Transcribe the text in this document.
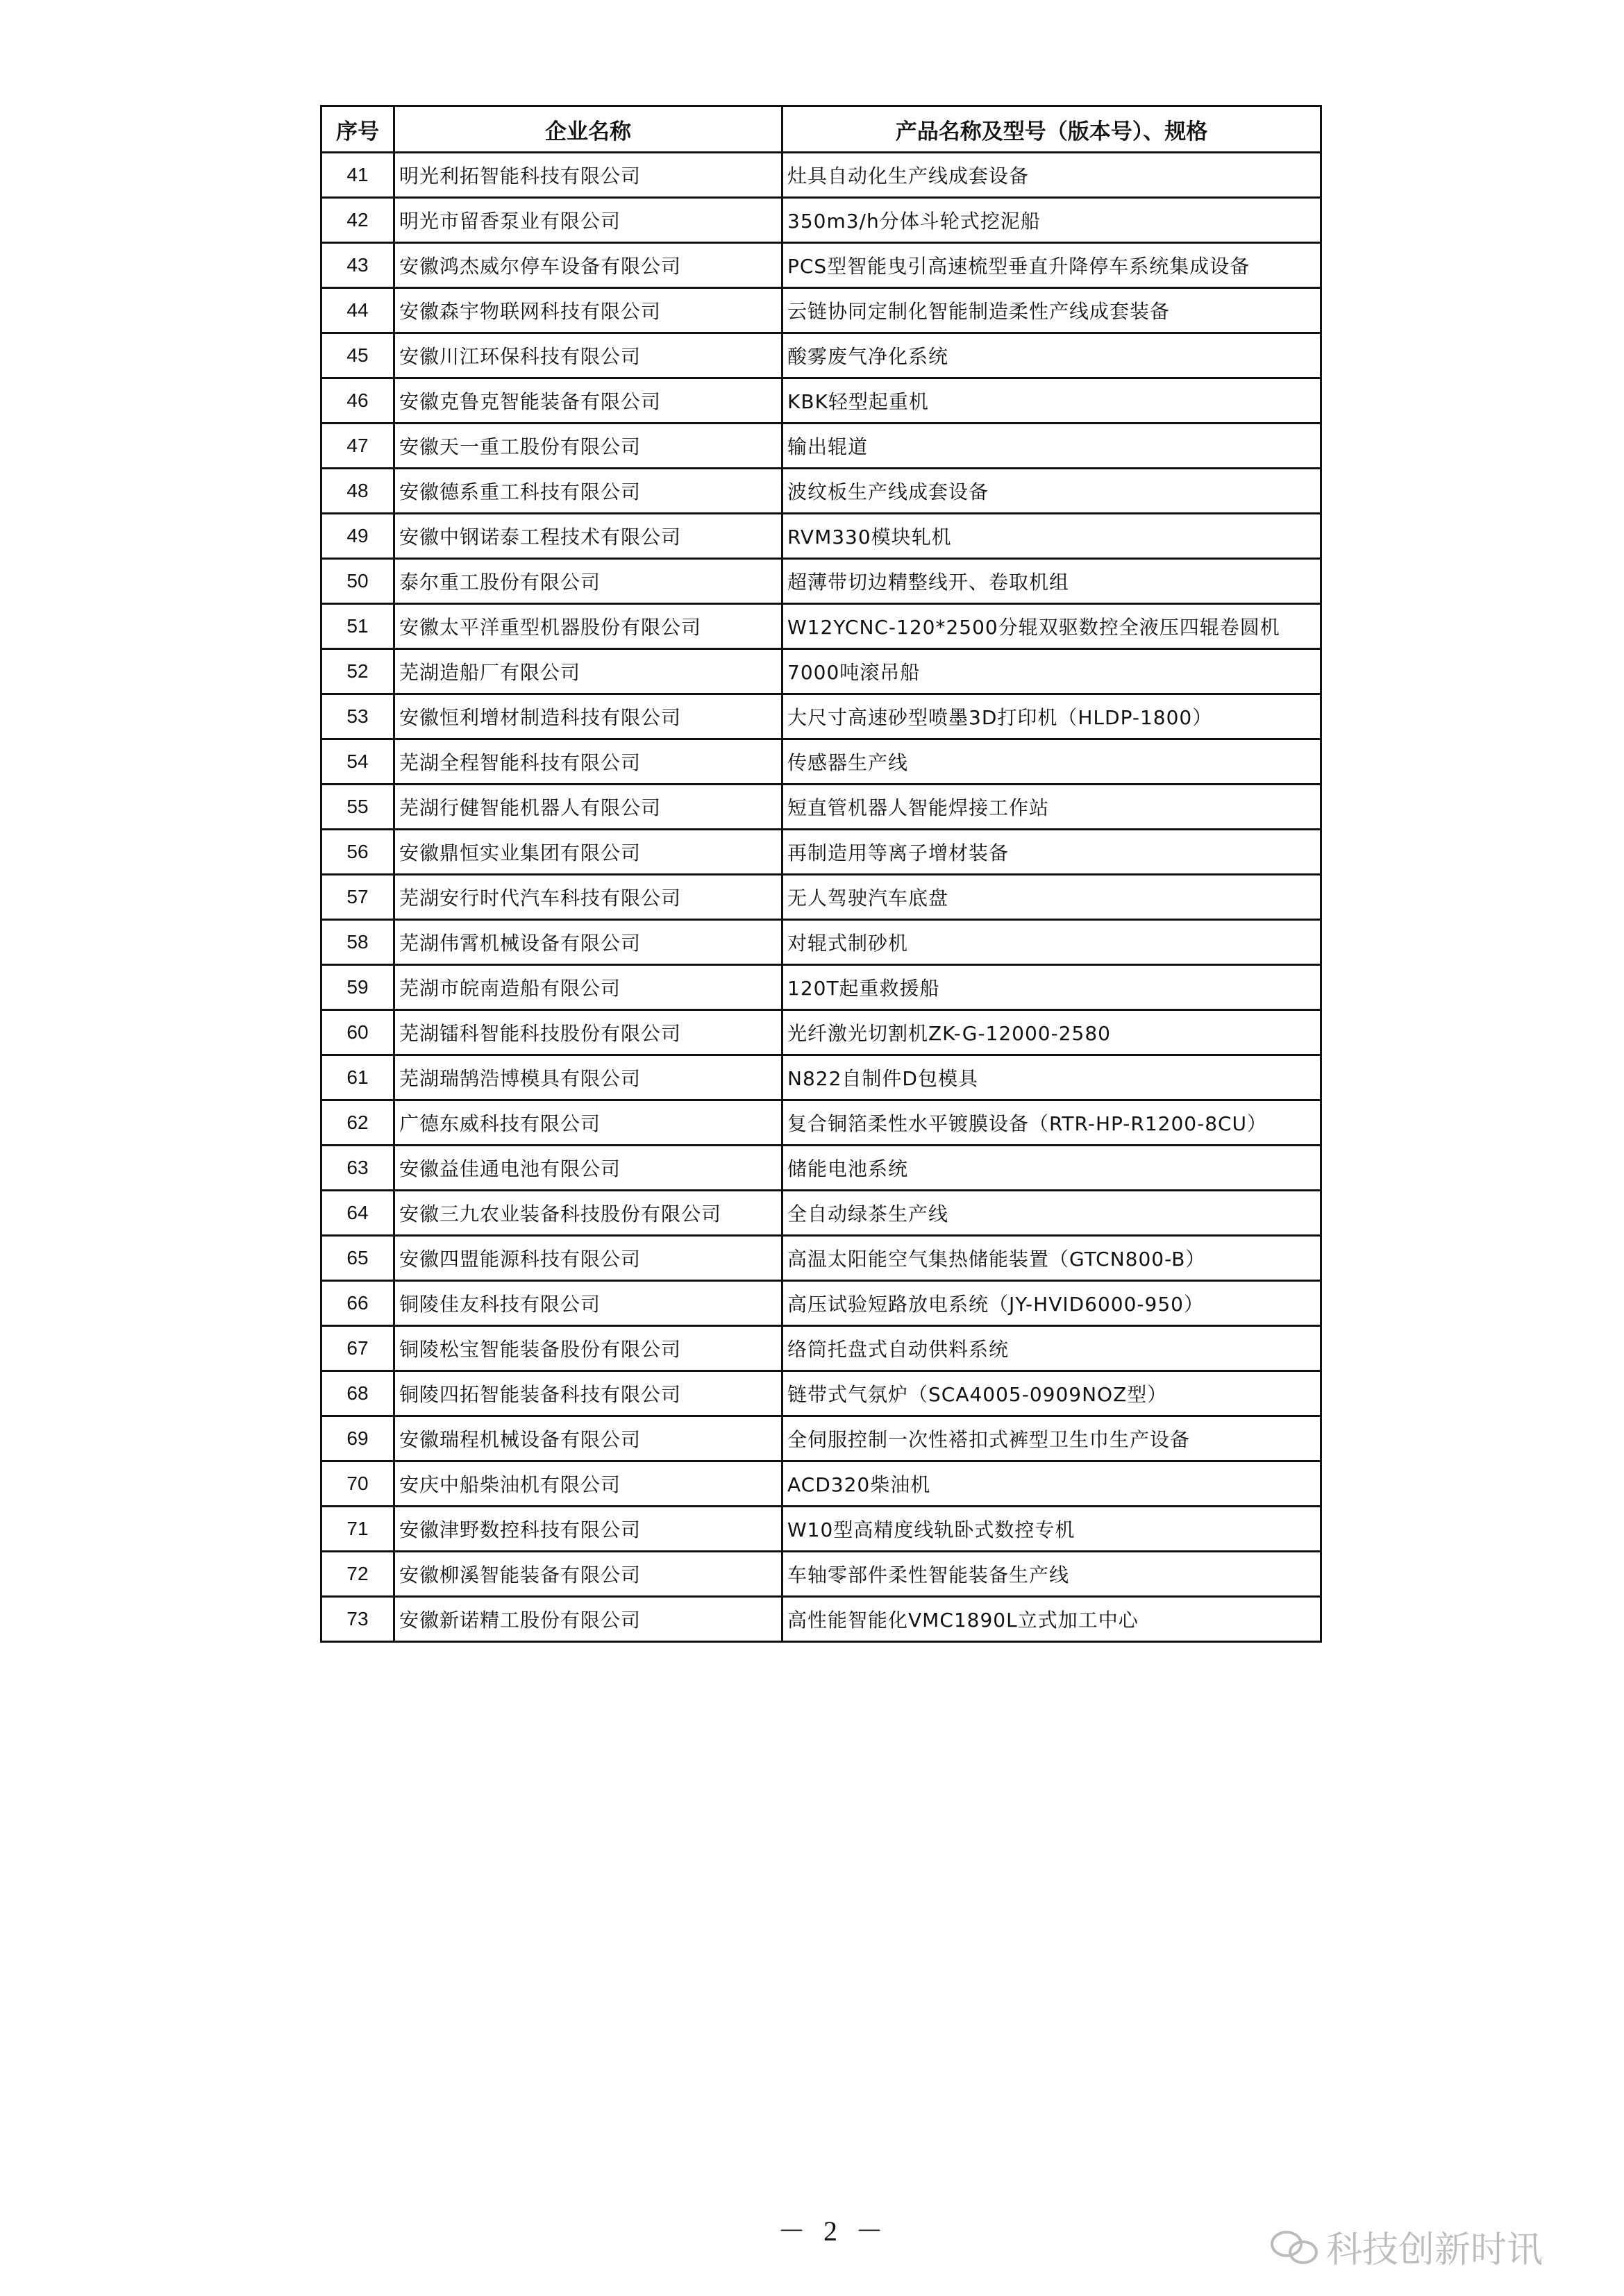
序号	企业名称	产品名称及型号（版本号）、规格
41	明光利拓智能科技有限公司	灶具自动化生产线成套设备
42	明光市留香泵业有限公司	350m3/h分体斗轮式挖泥船
43	安徽鸿杰威尔停车设备有限公司	PCS型智能曳引高速梳型垂直升降停车系统集成设备
44	安徽森宇物联网科技有限公司	云链协同定制化智能制造柔性产线成套装备
45	安徽川江环保科技有限公司	酸雾废气净化系统
46	安徽克鲁克智能装备有限公司	KBK轻型起重机
47	安徽天一重工股份有限公司	输出辊道
48	安徽德系重工科技有限公司	波纹板生产线成套设备
49	安徽中钢诺泰工程技术有限公司	RVM330模块轧机
50	泰尔重工股份有限公司	超薄带切边精整线开、卷取机组
51	安徽太平洋重型机器股份有限公司	W12YCNC-120*2500分辊双驱数控全液压四辊卷圆机
52	芜湖造船厂有限公司	7000吨滚吊船
53	安徽恒利增材制造科技有限公司	大尺寸高速砂型喷墨3D打印机（HLDP-1800）
54	芜湖全程智能科技有限公司	传感器生产线
55	芜湖行健智能机器人有限公司	短直管机器人智能焊接工作站
56	安徽鼎恒实业集团有限公司	再制造用等离子增材装备
57	芜湖安行时代汽车科技有限公司	无人驾驶汽车底盘
58	芜湖伟霄机械设备有限公司	对辊式制砂机
59	芜湖市皖南造船有限公司	120T起重救援船
60	芜湖镭科智能科技股份有限公司	光纤激光切割机ZK-G-12000-2580
61	芜湖瑞鹄浩博模具有限公司	N822自制件D包模具
62	广德东威科技有限公司	复合铜箔柔性水平镀膜设备（RTR-HP-R1200-8CU）
63	安徽益佳通电池有限公司	储能电池系统
64	安徽三九农业装备科技股份有限公司	全自动绿茶生产线
65	安徽四盟能源科技有限公司	高温太阳能空气集热储能装置（GTCN800-B）
66	铜陵佳友科技有限公司	高压试验短路放电系统（JY-HVID6000-950）
67	铜陵松宝智能装备股份有限公司	络筒托盘式自动供料系统
68	铜陵四拓智能装备科技有限公司	链带式气氛炉（SCA4005-0909NOZ型）
69	安徽瑞程机械设备有限公司	全伺服控制一次性褡扣式裤型卫生巾生产设备
70	安庆中船柴油机有限公司	ACD320柴油机
71	安徽津野数控科技有限公司	W10型高精度线轨卧式数控专机
72	安徽柳溪智能装备有限公司	车轴零部件柔性智能装备生产线
73	安徽新诺精工股份有限公司	高性能智能化VMC1890L立式加工中心
－ 2 －	科技创新时讯
